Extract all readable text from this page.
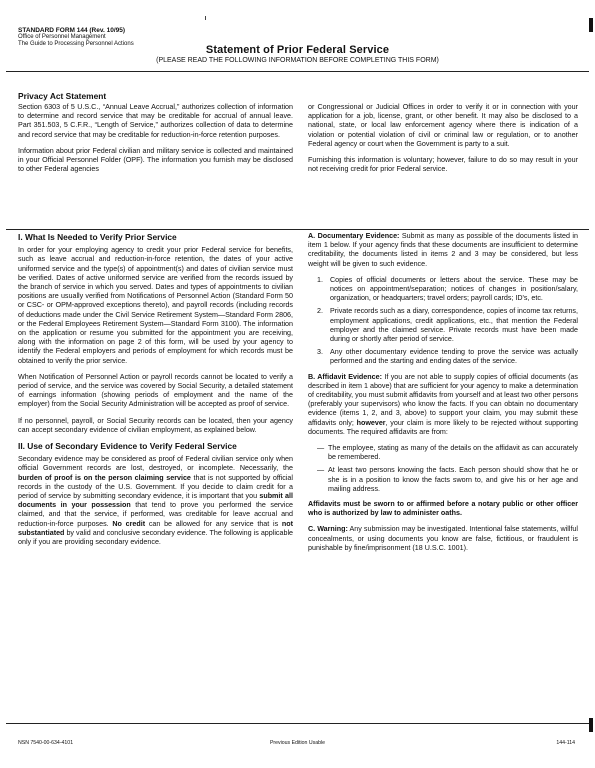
STANDARD FORM 144 (Rev. 10/95)
Office of Personnel Management
The Guide to Processing Personnel Actions	Statement of Prior Federal Service
(PLEASE READ THE FOLLOWING INFORMATION BEFORE COMPLETING THIS FORM)
Privacy Act Statement

Section 6303 of 5 U.S.C., “Annual Leave Accrual,” authorizes collection of information to determine and record service that may be creditable for accrual of annual leave. Part 351.503, 5 C.F.R., “Length of Service,” authorizes collection of data to determine and record service that may be creditable for reduction-in-force retention purposes.

Information about prior Federal civilian and military service is collected and maintained in your Official Personnel Folder (OPF). The information you furnish may be disclosed to other Federal agencies

or Congressional or Judicial Offices in order to verify it or in connection with your application for a job, license, grant, or other benefit. It may also be disclosed to a national, state, or local law enforcement agency where there is indication of a violation or potential violation of civil or criminal law or regulation, or to another Federal agency or court when the Government is party to a suit.

Furnishing this information is voluntary; however, failure to do so may result in your not receiving credit for prior Federal service.

I. What Is Needed to Verify Prior Service

In order for your employing agency to credit your prior Federal service for benefits, such as leave accrual and reduction-in-force retention, the dates of your active uniformed service and the type(s) of appointment(s) and dates of civilian service must be verified. Dates of active uniformed service are verified from the records issued by the branch of service in which you served. Dates and types of appointments to civilian positions are usually verified from Notifications of Personnel Action (Standard Form 50 or CSC- or OPM-approved exceptions thereto), and payroll records (including records of deductions made under the Civil Service Retirement System—Standard Form 2806, or the Federal Employees Retirement System—Standard Form 3100). The information on the application or resume you submitted for the appointment you are receiving, along with the information on page 2 of this form, will be used by your agency to identify the Federal employers and periods of employment for which records must be obtained to verify the prior service.

When Notification of Personnel Action or payroll records cannot be located to verify a period of service, and the service was covered by Social Security, a detailed statement of earnings information (showing periods of employment and the name of the employer) from the Social Security Administration will be accepted as proof of service.

If no personnel, payroll, or Social Security records can be located, then your agency can accept secondary evidence of civilian employment, as explained below.

II. Use of Secondary Evidence to Verify Federal Service

Secondary evidence may be considered as proof of Federal civilian service only when official Government records are lost, destroyed, or incomplete. Necessarily, the burden of proof is on the person claiming service that is not supported by official records in the custody of the U.S. Government. If you decide to claim credit for a period of service by submitting secondary evidence, it is important that you submit all documents in your possession that tend to prove you performed the service claimed, and that the service, if performed, was creditable for leave accrual and reduction-in-force purposes. No credit can be allowed for any service that is not substantiated by valid and conclusive secondary evidence. The following is applicable only if you are providing secondary evidence.

A. Documentary Evidence: Submit as many as possible of the documents listed in item 1 below. If your agency finds that these documents are insufficient to determine creditability, the documents listed in items 2 and 3 may be considered, but less weight will be given to such evidence.

1. Copies of official documents or letters about the service. These may be notices on appointment/separation; notices of changes in position/salary, organization, or headquarters; travel orders; payroll cards; ID's, etc.
2. Private records such as a diary, correspondence, copies of income tax returns, employment applications, credit applications, etc., that mention the Federal employer and the claimed service. Private records must have been made during or shortly after period of service.
3. Any other documentary evidence tending to prove the service was actually performed and the starting and ending dates of the service.

B. Affidavit Evidence: If you are not able to supply copies of official documents (as described in item 1 above) that are sufficient for your agency to make a determination of creditability, you must submit affidavits from yourself and at least two other persons (preferably your supervisors) who know the facts. If you can obtain no documentary evidence (items 1, 2, and 3, above) to support your claim, you may submit these affidavits only; however, your claim is more likely to be rejected without supporting documents. The required affidavits are from:

— The employee, stating as many of the details on the affidavit as can accurately be remembered.
— At least two persons knowing the facts. Each person should show that he or she is in a position to know the facts sworn to, and give his or her age and mailing address.

Affidavits must be sworn to or affirmed before a notary public or other officer who is authorized by law to administer oaths.

C. Warning: Any submission may be investigated. Intentional false statements, willful concealments, or using documents you know are false, fictitious, or fraudulent is punishable by fine/imprisonment (18 U.S.C. 1001).

NSN 7540-00-634-4101	Previous Edition Usable	144-114
